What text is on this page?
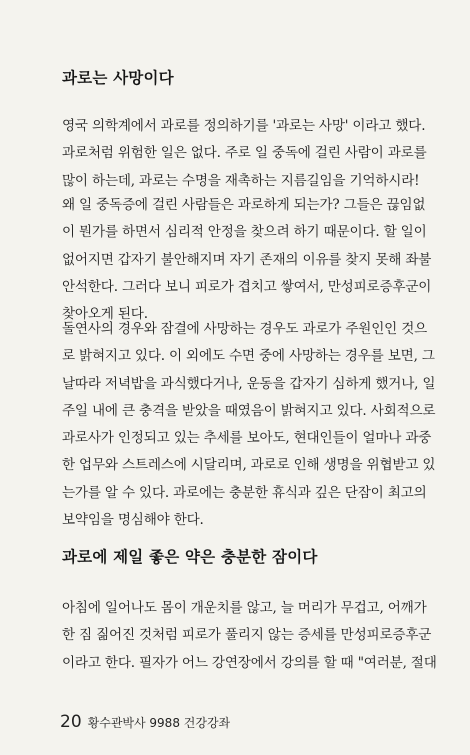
과로는 사망이다
영국 의학계에서 과로를 정의하기를 '과로는 사망' 이라고 했다.
과로처럼 위험한 일은 없다. 주로 일 중독에 걸린 사람이 과로를
많이 하는데, 과로는 수명을 재촉하는 지름길임을 기억하시라!
왜 일 중독증에 걸린 사람들은 과로하게 되는가? 그들은 끊임없
이 뭔가를 하면서 심리적 안정을 찾으려 하기 때문이다. 할 일이
없어지면 갑자기 불안해지며 자기 존재의 이유를 찾지 못해 좌불
안석한다. 그러다 보니 피로가 겹치고 쌓여서, 만성피로증후군이
찾아오게 된다.
돌연사의 경우와 잠결에 사망하는 경우도 과로가 주원인인 것으
로 밝혀지고 있다. 이 외에도 수면 중에 사망하는 경우를 보면, 그
날따라 저녁밥을 과식했다거나, 운동을 갑자기 심하게 했거나, 일
주일 내에 큰 충격을 받았을 때였음이 밝혀지고 있다. 사회적으로
과로사가 인정되고 있는 추세를 보아도, 현대인들이 얼마나 과중
한 업무와 스트레스에 시달리며, 과로로 인해 생명을 위협받고 있
는가를 알 수 있다. 과로에는 충분한 휴식과 깊은 단잠이 최고의
보약임을 명심해야 한다.
과로에 제일 좋은 약은 충분한 잠이다
아침에 일어나도 몸이 개운치를 않고, 늘 머리가 무겁고, 어깨가
한 짐 짊어진 것처럼 피로가 풀리지 않는 증세를 만성피로증후군
이라고 한다. 필자가 어느 강연장에서 강의를 할 때 "여러분, 절대
20 황수관박사 9988 건강강좌
